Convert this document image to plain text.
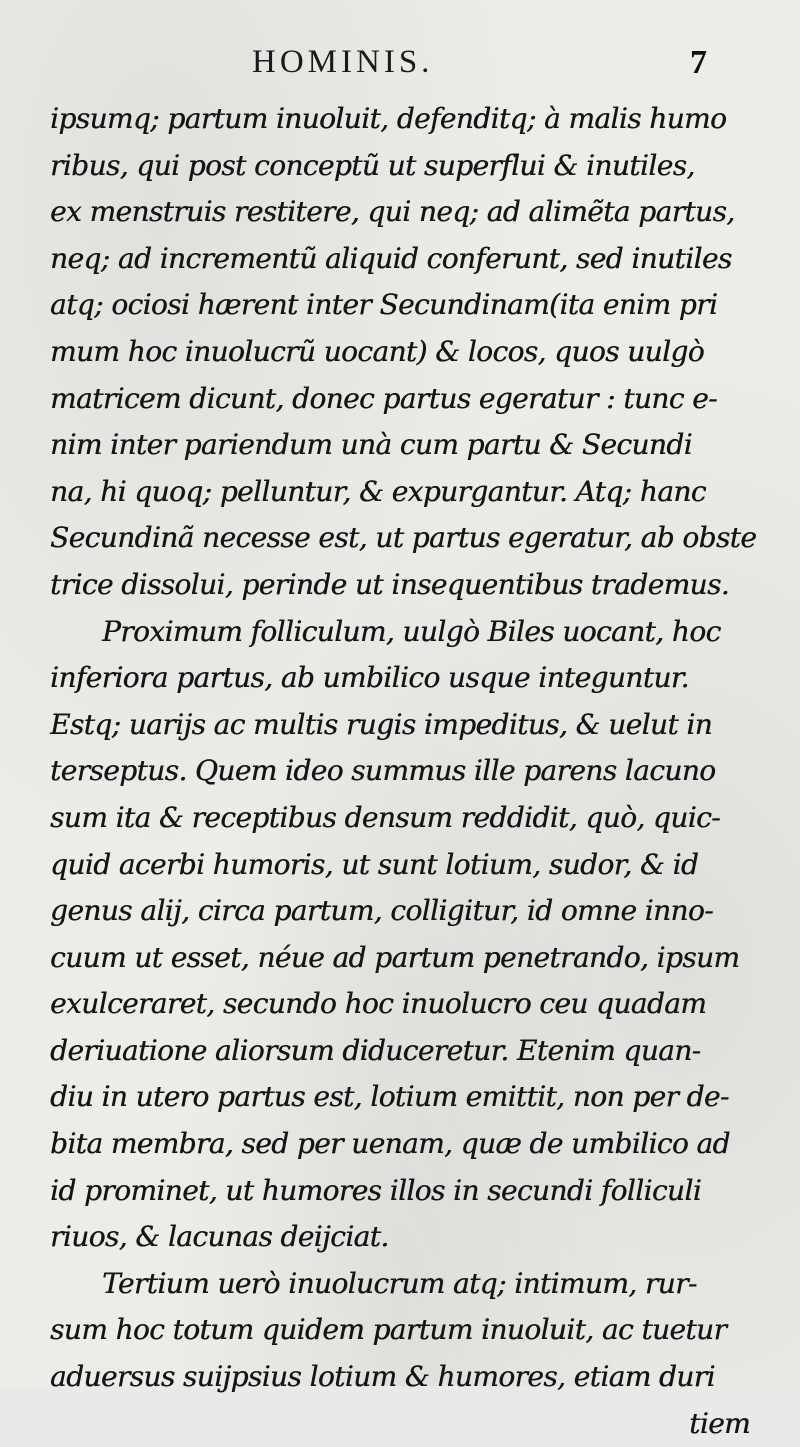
HOMINIS.	7
ipsumq; partum inuoluit, defenditq; à malis humo
ribus, qui post conceptũ ut superflui & inutiles,
ex menstruis restitere, qui neq; ad alimẽta partus,
neq; ad incrementũ aliquid conferunt, sed inutiles
atq; ociosi hærent inter Secundinam(ita enim pri
mum hoc inuolucrũ uocant) & locos, quos uulgò
matricem dicunt, donec partus egeratur : tunc e-
nim inter pariendum unà cum partu & Secundi
na, hi quoq; pelluntur, & expurgantur. Atq; hanc
Secundinã necesse est, ut partus egeratur, ab obste
trice dissolui, perinde ut insequentibus trademus.
Proximum folliculum, uulgò Biles uocant, hoc
inferiora partus, ab umbilico usque integuntur.
Estq; uarijs ac multis rugis impeditus, & uelut in
terseptus. Quem ideo summus ille parens lacuno
sum ita & receptibus densum reddidit, quò, quic-
quid acerbi humoris, ut sunt lotium, sudor, & id
genus alij, circa partum, colligitur, id omne inno-
cuum ut esset, néue ad partum penetrando, ipsum
exulceraret, secundo hoc inuolucro ceu quadam
deriuatione aliorsum diduceretur. Etenim quan-
diu in utero partus est, lotium emittit, non per de-
bita membra, sed per uenam, quæ de umbilico ad
id prominet, ut humores illos in secundi folliculi
riuos, & lacunas deijciat.
Tertium uerò inuolucrum atq; intimum, rur-
sum hoc totum quidem partum inuoluit, ac tuetur
aduersus suijpsius lotium & humores, etiam duri
tiem
